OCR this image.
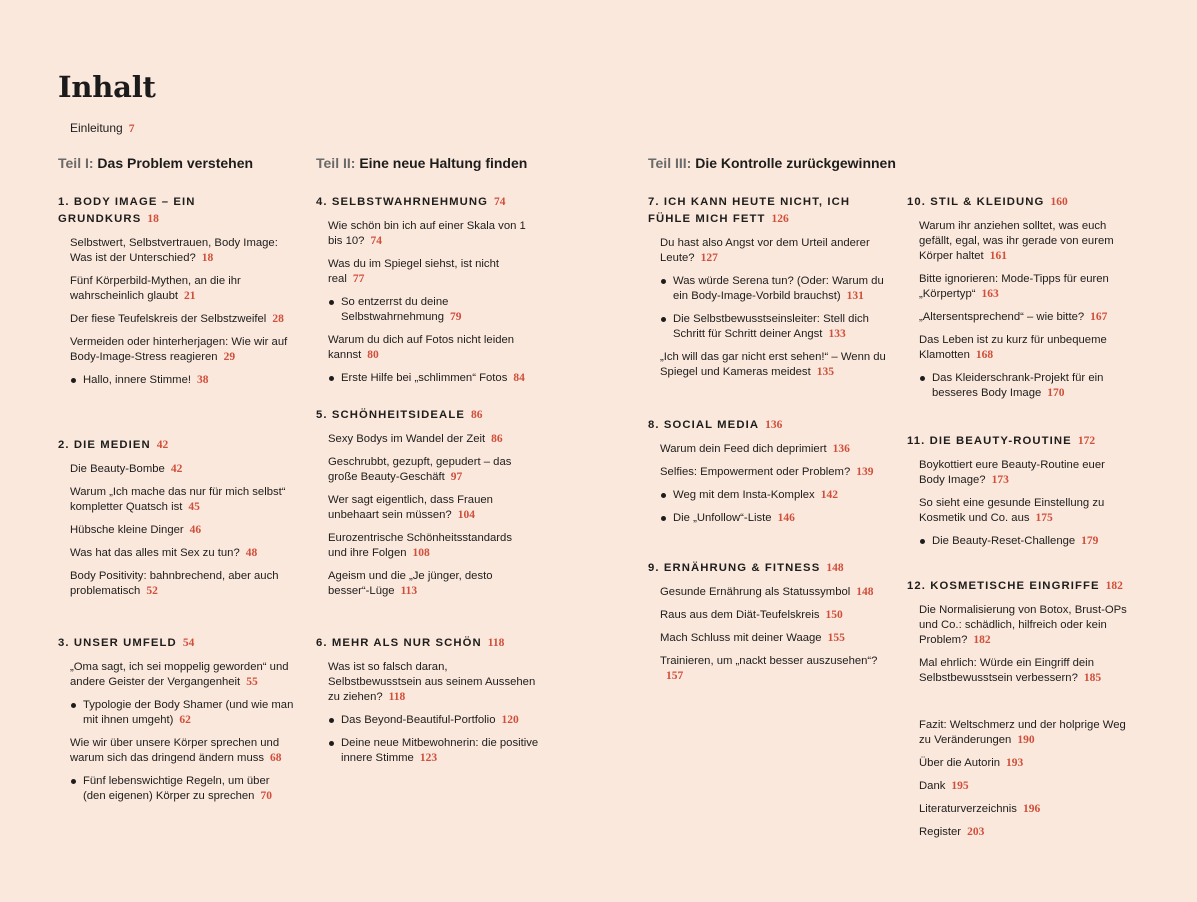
Inhalt
Einleitung 7
Teil I: Das Problem verstehen	Teil II: Eine neue Haltung finden	Teil III: Die Kontrolle zurückgewinnen
1. BODY IMAGE – EIN GRUNDKURS 18
Selbstwert, Selbstvertrauen, Body Image: Was ist der Unterschied? 18
Fünf Körperbild-Mythen, an die ihr wahrscheinlich glaubt 21
Der fiese Teufelskreis der Selbstzweifel 28
Vermeiden oder hinterherjagen: Wie wir auf Body-Image-Stress reagieren 29
Hallo, innere Stimme! 38
2. DIE MEDIEN 42
Die Beauty-Bombe 42
Warum „Ich mache das nur für mich selbst“ kompletter Quatsch ist 45
Hübsche kleine Dinger 46
Was hat das alles mit Sex zu tun? 48
Body Positivity: bahnbrechend, aber auch problematisch 52
3. UNSER UMFELD 54
„Oma sagt, ich sei moppelig geworden“ und andere Geister der Vergangenheit 55
Typologie der Body Shamer (und wie man mit ihnen umgeht) 62
Wie wir über unsere Körper sprechen und warum sich das dringend ändern muss 68
Fünf lebenswichtige Regeln, um über (den eigenen) Körper zu sprechen 70
4. SELBSTWAHRNEHMUNG 74
Wie schön bin ich auf einer Skala von 1 bis 10? 74
Was du im Spiegel siehst, ist nicht real 77
So entzerrst du deine Selbstwahrnehmung 79
Warum du dich auf Fotos nicht leiden kannst 80
Erste Hilfe bei „schlimmen“ Fotos 84
5. SCHÖNHEITSIDEALE 86
Sexy Bodys im Wandel der Zeit 86
Geschrubbt, gezupft, gepudert – das große Beauty-Geschäft 97
Wer sagt eigentlich, dass Frauen unbehaart sein müssen? 104
Eurozentrische Schönheitsstandards und ihre Folgen 108
Ageism und die „Je jünger, desto besser“-Lüge 113
6. MEHR ALS NUR SCHÖN 118
Was ist so falsch daran, Selbstbewusstsein aus seinem Aussehen zu ziehen? 118
Das Beyond-Beautiful-Portfolio 120
Deine neue Mitbewohnerin: die positive innere Stimme 123
7. ICH KANN HEUTE NICHT, ICH FÜHLE MICH FETT 126
Du hast also Angst vor dem Urteil anderer Leute? 127
Was würde Serena tun? (Oder: Warum du ein Body-Image-Vorbild brauchst) 131
Die Selbstbewusstseinsleiter: Stell dich Schritt für Schritt deiner Angst 133
„Ich will das gar nicht erst sehen!“ – Wenn du Spiegel und Kameras meidest 135
8. SOCIAL MEDIA 136
Warum dein Feed dich deprimiert 136
Selfies: Empowerment oder Problem? 139
Weg mit dem Insta-Komplex 142
Die „Unfollow“-Liste 146
9. ERNÄHRUNG & FITNESS 148
Gesunde Ernährung als Statussymbol 148
Raus aus dem Diät-Teufelskreis 150
Mach Schluss mit deiner Waage 155
Trainieren, um „nackt besser auszusehen“?157
10. STIL & KLEIDUNG 160
Warum ihr anziehen solltet, was euch gefällt, egal, was ihr gerade von eurem Körper haltet 161
Bitte ignorieren: Mode-Tipps für euren „Körpertyp“ 163
„Altersentsprechend“ – wie bitte? 167
Das Leben ist zu kurz für unbequeme Klamotten 168
Das Kleiderschrank-Projekt für ein besseres Body Image 170
11. DIE BEAUTY-ROUTINE 172
Boykottiert eure Beauty-Routine euer Body Image? 173
So sieht eine gesunde Einstellung zu Kosmetik und Co. aus 175
Die Beauty-Reset-Challenge 179
12. KOSMETISCHE EINGRIFFE 182
Die Normalisierung von Botox, Brust-OPs und Co.: schädlich, hilfreich oder kein Problem? 182
Mal ehrlich: Würde ein Eingriff dein Selbstbewusstsein verbessern? 185
Fazit: Weltschmerz und der holprige Weg zu Veränderungen 190
Über die Autorin 193
Dank 195
Literaturverzeichnis 196
Register 203
